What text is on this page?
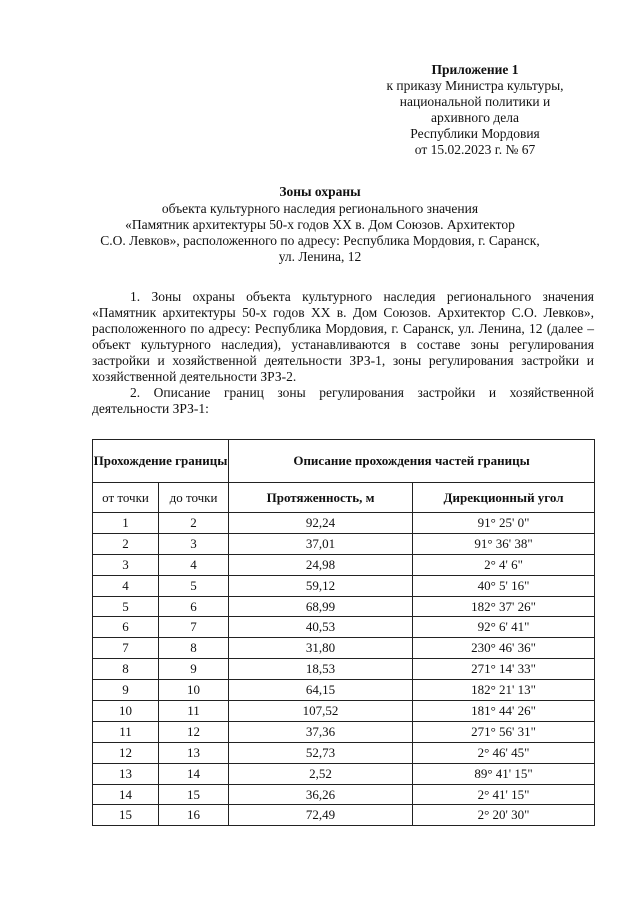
Приложение 1
к приказу Министра культуры,
национальной политики и
архивного дела
Республики Мордовия
от 15.02.2023 г. № 67
Зоны охраны
объекта культурного наследия регионального значения
«Памятник архитектуры 50-х годов XX в. Дом Союзов. Архитектор
С.О. Левков», расположенного по адресу: Республика Мордовия, г. Саранск,
ул. Ленина, 12

1. Зоны охраны объекта культурного наследия регионального значения «Памятник архитектуры 50-х годов XX в. Дом Союзов. Архитектор С.О. Левков», расположенного по адресу: Республика Мордовия, г. Саранск, ул. Ленина, 12 (далее – объект культурного наследия), устанавливаются в составе зоны регулирования застройки и хозяйственной деятельности ЗРЗ-1, зоны регулирования застройки и хозяйственной деятельности ЗРЗ-2.

2. Описание границ зоны регулирования застройки и хозяйственной деятельности ЗРЗ-1:

Прохождение границы		Описание прохождения частей границы	
от точки	до точки	Протяженность, м	Дирекционный угол
1	2	92,24	91° 25' 0"
2	3	37,01	91° 36' 38"
3	4	24,98	2° 4' 6"
4	5	59,12	40° 5' 16"
5	6	68,99	182° 37' 26"
6	7	40,53	92° 6' 41"
7	8	31,80	230° 46' 36"
8	9	18,53	271° 14' 33"
9	10	64,15	182° 21' 13"
10	11	107,52	181° 44' 26"
11	12	37,36	271° 56' 31"
12	13	52,73	2° 46' 45"
13	14	2,52	89° 41' 15"
14	15	36,26	2° 41' 15"
15	16	72,49	2° 20' 30"
